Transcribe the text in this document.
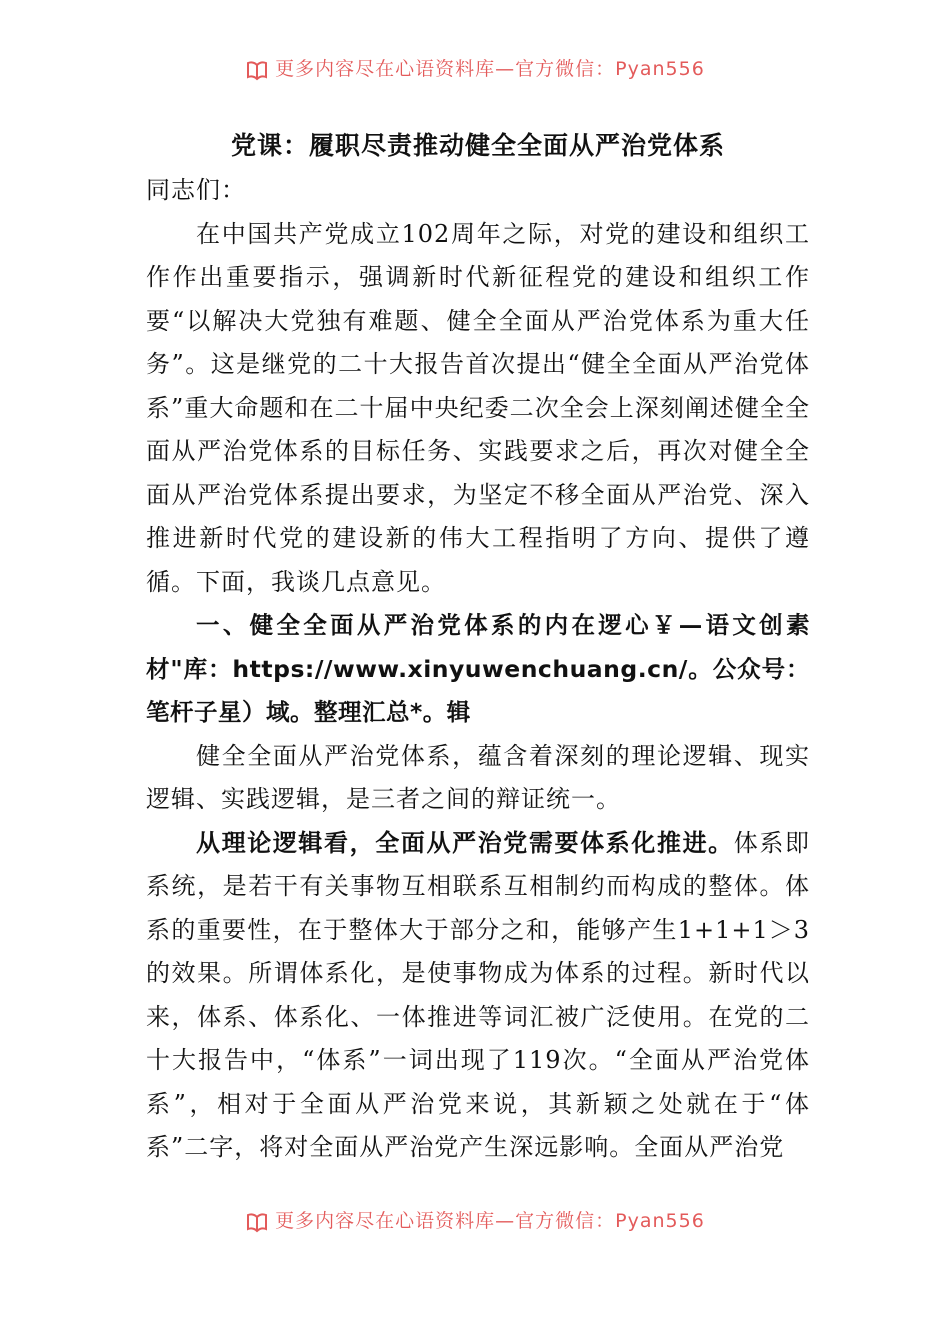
更多内容尽在心语资料库—官方微信：Pyan556
党课：履职尽责推动健全全面从严治党体系

同志们：

在中国共产党成立102周年之际，对党的建设和组织工作作出重要指示，强调新时代新征程党的建设和组织工作要“以解决大党独有难题、健全全面从严治党体系为重大任务”。这是继党的二十大报告首次提出“健全全面从严治党体系”重大命题和在二十届中央纪委二次全会上深刻阐述健全全面从严治党体系的目标任务、实践要求之后，再次对健全全面从严治党体系提出要求，为坚定不移全面从严治党、深入推进新时代党的建设新的伟大工程指明了方向、提供了遵循。下面，我谈几点意见。

一、健全全面从严治党体系的内在逻心￥—语文创素材"库：https://www.xinyuwenchuang.cn/。公众号：笔杆子星）域。整理汇总*。辑

健全全面从严治党体系，蕴含着深刻的理论逻辑、现实逻辑、实践逻辑，是三者之间的辩证统一。

从理论逻辑看，全面从严治党需要体系化推进。体系即系统，是若干有关事物互相联系互相制约而构成的整体。体系的重要性，在于整体大于部分之和，能够产生1+1+1＞3的效果。所谓体系化，是使事物成为体系的过程。新时代以来，体系、体系化、一体推进等词汇被广泛使用。在党的二十大报告中，“体系”一词出现了119次。“全面从严治党体系”，相对于全面从严治党来说，其新颖之处就在于“体系”二字，将对全面从严治党产生深远影响。全面从严治党

更多内容尽在心语资料库—官方微信：Pyan556
